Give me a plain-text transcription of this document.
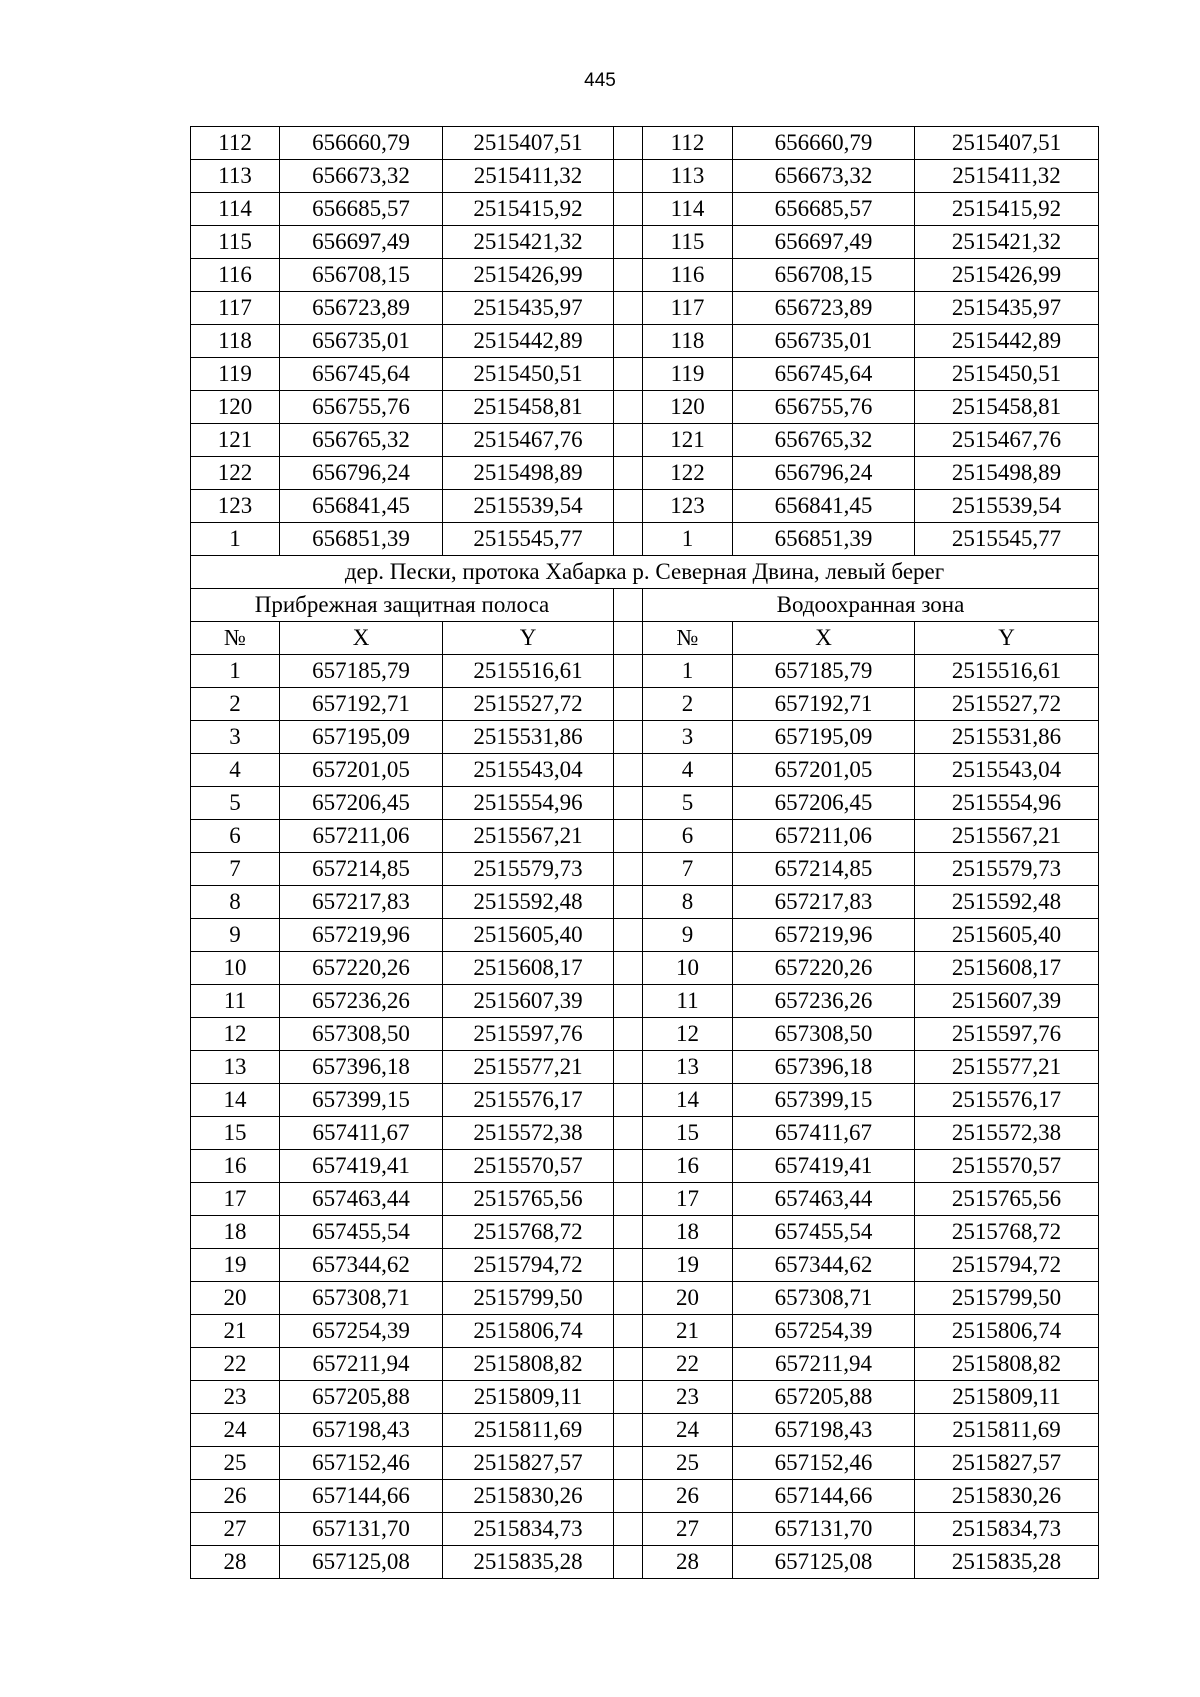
445
112	656660,79	2515407,51		112	656660,79	2515407,51
113	656673,32	2515411,32		113	656673,32	2515411,32
114	656685,57	2515415,92		114	656685,57	2515415,92
115	656697,49	2515421,32		115	656697,49	2515421,32
116	656708,15	2515426,99		116	656708,15	2515426,99
117	656723,89	2515435,97		117	656723,89	2515435,97
118	656735,01	2515442,89		118	656735,01	2515442,89
119	656745,64	2515450,51		119	656745,64	2515450,51
120	656755,76	2515458,81		120	656755,76	2515458,81
121	656765,32	2515467,76		121	656765,32	2515467,76
122	656796,24	2515498,89		122	656796,24	2515498,89
123	656841,45	2515539,54		123	656841,45	2515539,54
1	656851,39	2515545,77		1	656851,39	2515545,77
дер. Пески, протока Хабарка р. Северная Двина, левый берег						
Прибрежная защитная полоса				Водоохранная зона		
№	X	Y		№	X	Y
1	657185,79	2515516,61		1	657185,79	2515516,61
2	657192,71	2515527,72		2	657192,71	2515527,72
3	657195,09	2515531,86		3	657195,09	2515531,86
4	657201,05	2515543,04		4	657201,05	2515543,04
5	657206,45	2515554,96		5	657206,45	2515554,96
6	657211,06	2515567,21		6	657211,06	2515567,21
7	657214,85	2515579,73		7	657214,85	2515579,73
8	657217,83	2515592,48		8	657217,83	2515592,48
9	657219,96	2515605,40		9	657219,96	2515605,40
10	657220,26	2515608,17		10	657220,26	2515608,17
11	657236,26	2515607,39		11	657236,26	2515607,39
12	657308,50	2515597,76		12	657308,50	2515597,76
13	657396,18	2515577,21		13	657396,18	2515577,21
14	657399,15	2515576,17		14	657399,15	2515576,17
15	657411,67	2515572,38		15	657411,67	2515572,38
16	657419,41	2515570,57		16	657419,41	2515570,57
17	657463,44	2515765,56		17	657463,44	2515765,56
18	657455,54	2515768,72		18	657455,54	2515768,72
19	657344,62	2515794,72		19	657344,62	2515794,72
20	657308,71	2515799,50		20	657308,71	2515799,50
21	657254,39	2515806,74		21	657254,39	2515806,74
22	657211,94	2515808,82		22	657211,94	2515808,82
23	657205,88	2515809,11		23	657205,88	2515809,11
24	657198,43	2515811,69		24	657198,43	2515811,69
25	657152,46	2515827,57		25	657152,46	2515827,57
26	657144,66	2515830,26		26	657144,66	2515830,26
27	657131,70	2515834,73		27	657131,70	2515834,73
28	657125,08	2515835,28		28	657125,08	2515835,28
